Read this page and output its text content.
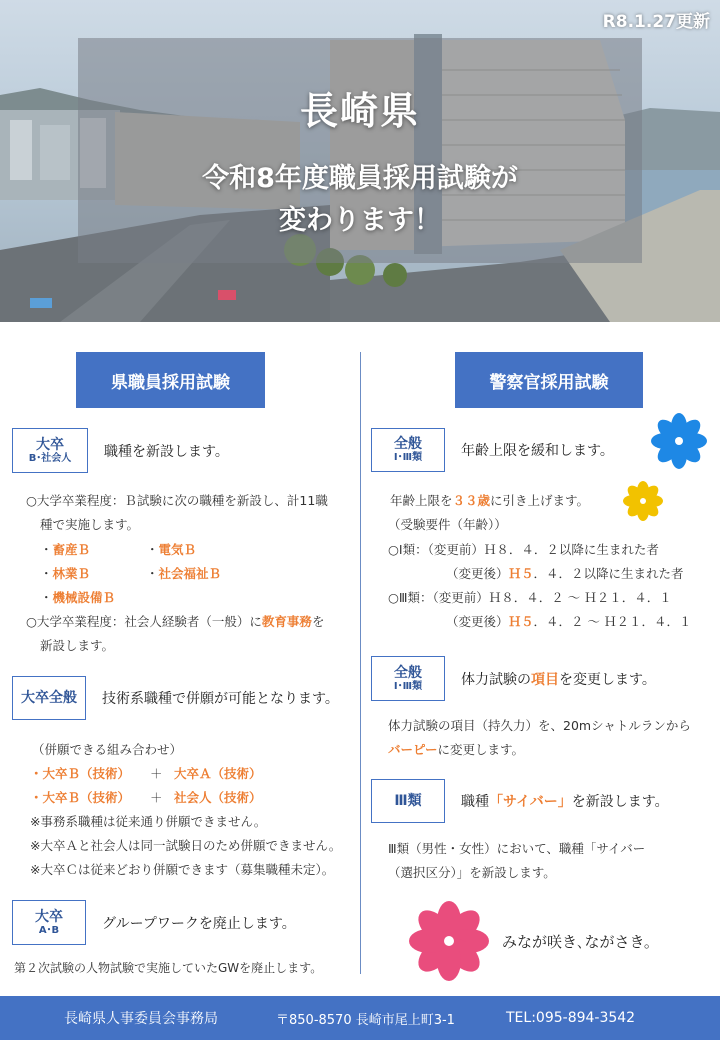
R8.1.27更新
長崎県
令和8年度職員採用試験が
変わります！
県職員採用試験	警察官採用試験
大卒
B･社会人 職種を新設します。
○大学卒業程度：Ｂ試験に次の職種を新設し、計11職
種で実施します。
・畜産Ｂ	・電気Ｂ
・林業Ｂ	・社会福祉Ｂ
・機械設備Ｂ
○大学卒業程度：社会人経験者（一般）に教育事務を
新設します。
大卒全般 技術系職種で併願が可能となります。
（併願できる組み合わせ）
・大卒Ｂ（技術） ＋ 大卒Ａ（技術）
・大卒Ｂ（技術） ＋ 社会人（技術）
※事務系職種は従来通り併願できません。
※大卒Ａと社会人は同一試験日のため併願できません。
※大卒Ｃは従来どおり併願できます（募集職種未定）。
大卒
A･B	グループワークを廃止します。
第２次試験の人物試験で実施していたGWを廃止します。
全般
Ⅰ･Ⅲ類	年齢上限を緩和します。
年齢上限を３３歳に引き上げます。
（受験要件（年齢））
○Ⅰ類：（変更前）Ｈ８．４．２以降に生まれた者
（変更後）Ｈ５．４．２以降に生まれた者
○Ⅲ類：（変更前）Ｈ８．４．２ ～ Ｈ２１．４．１
（変更後）Ｈ５．４．２ ～ Ｈ２１．４．１
全般
Ⅰ･Ⅲ類	体力試験の項目を変更します。
体力試験の項目（持久力）を、20mシャトルランから
バーピーに変更します。
Ⅲ類	職種「サイバー」を新設します。
Ⅲ類（男性・女性）において、職種「サイバー
（選択区分）」を新設します。
みなが咲き､ながさき。
長崎県人事委員会事務局	〒850-8570 長崎市尾上町3-1	TEL:095-894-3542
